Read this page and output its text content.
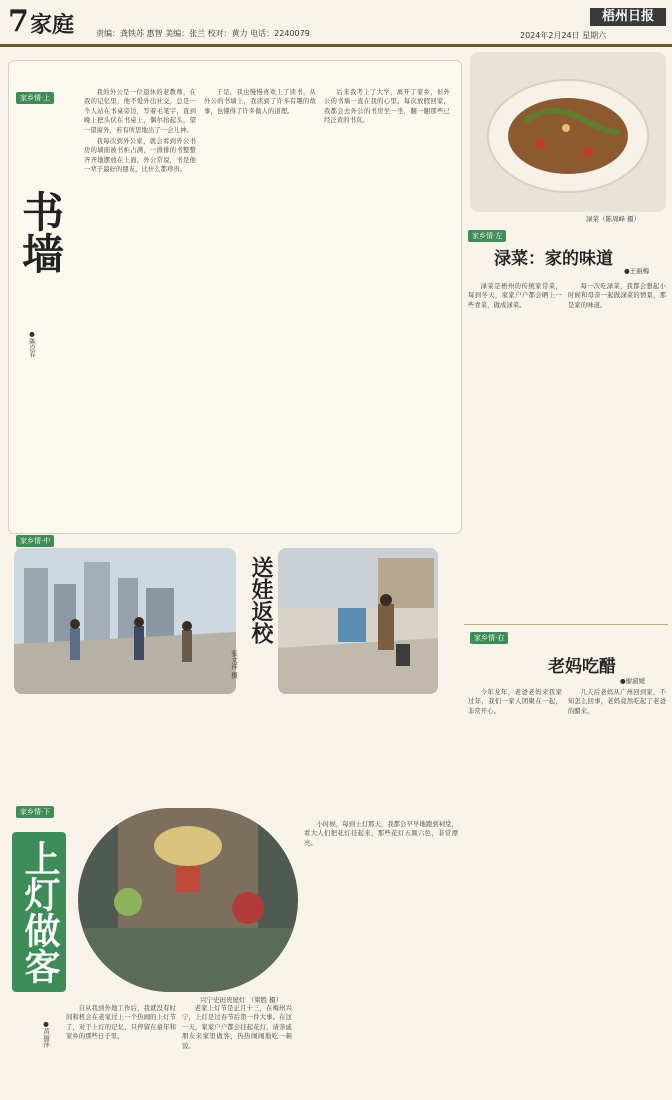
7 家庭	责编：龚铁苏 惠智 美编：张兰 校对：黄力 电话：2240079
梧州日报
2024年2月24日 星期六
家乡情·上
书墙
●陈良春

我的外公是一位退休的老教师，在我的记忆里，他不爱外出社交，总是一个人站在书桌旁边，写着毛笔字，直到晚上把头伏在书桌上，偶尔抬起头，望一望窗外，若有所思地出了一会儿神。

我每次到外公家，就会看到外公书房的墙面被书柜占满，一排排的书整整齐齐地摆放在上面。外公常说，书是他一辈子最好的朋友，比什么都珍贵。

于是，我也慢慢喜欢上了读书，从外公的书墙上，我读到了许多有趣的故事，也懂得了许多做人的道理。

后来我考上了大学，离开了家乡，但外公的书墙一直在我的心里。每次放假回家，我都会去外公的书房坐一坐，翻一翻那些已经泛黄的书页。

家乡情·中
送娃返校
张文祥 摄
家乡情·下
兴宁史田贵屋灯 （梁胜 摄）
上灯做客
●黄丽萍

自从我到外地工作后，我就没有时间和机会在老家过上一个热闹的上灯节了，对于上灯的记忆，只停留在童年和家乡的那些日子里。

老家上灯节是正月十三，在梅州兴宁，上灯是过春节后第一件大事。在这一天，家家户户都会挂起花灯，请亲戚朋友来家里做客，热热闹闹地吃一顿饭。

小时候，每到上灯那天，我都会早早地跑到祠堂，看大人们把花灯挂起来，那些花灯五颜六色，非常漂亮。

渌菜（陈周峰 摄）
家乡情·左
渌菜：家的味道
●王丽梅

渌菜是梧州的传统家常菜，每到冬天，家家户户都会晒上一些青菜，做成渌菜。

每一次吃渌菜，我都会想起小时候和母亲一起做渌菜的情景，那是家的味道。

家乡情·右
老妈吃醋
●廖淑媛

今年龙年，老爸老妈来我家过年，我们一家人团聚在一起，非常开心。

几天后老妈从广州回到家，不知怎么回事，老妈竟然吃起了老爸的醋来。
